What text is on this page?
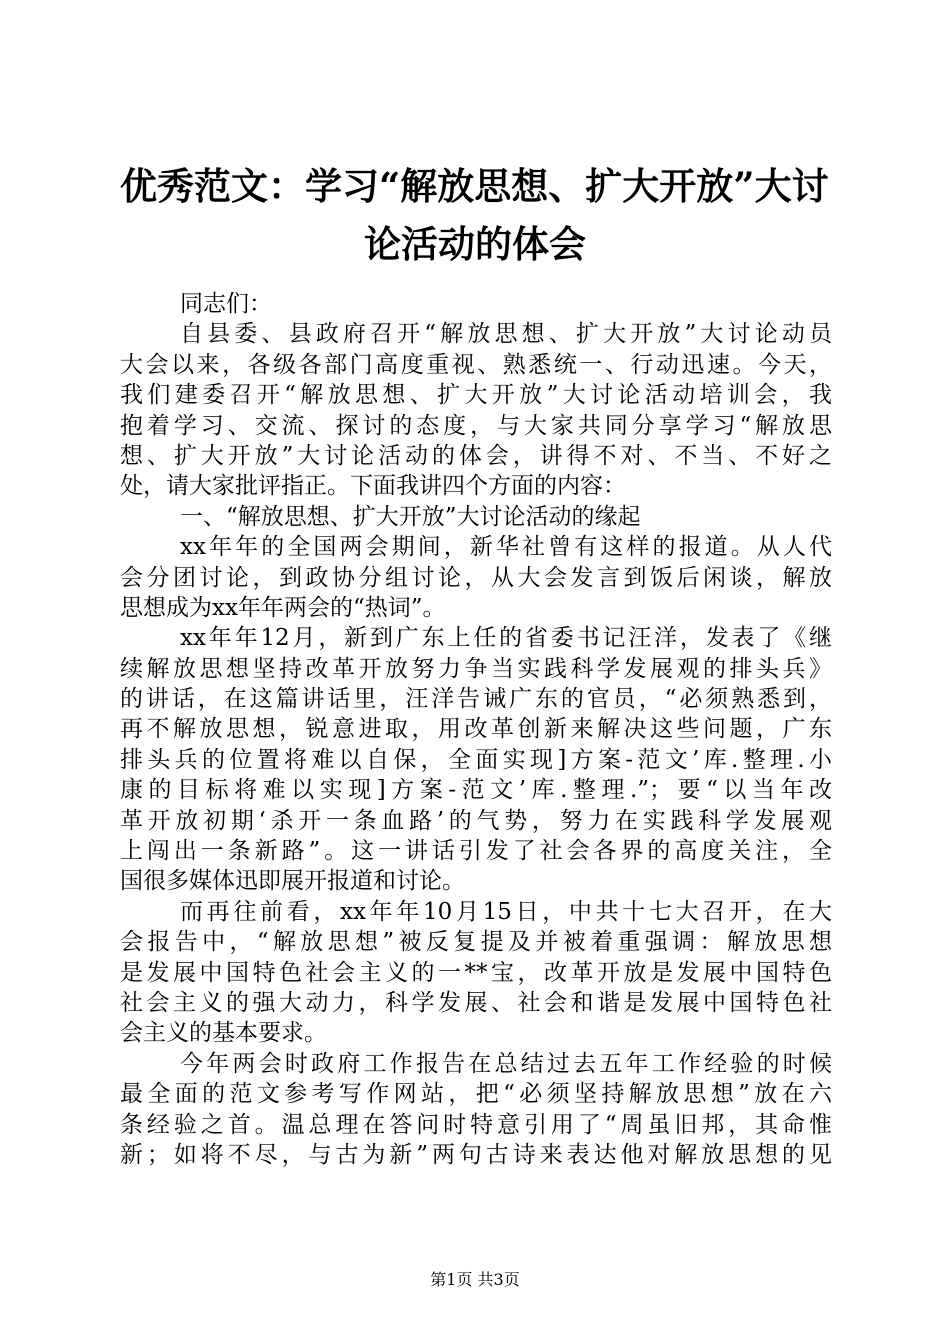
优秀范文：学习“解放思想、扩大开放”大讨
论活动的体会
同志们：
自县委、县政府召开“解放思想、扩大开放”大讨论动员
大会以来，各级各部门高度重视、熟悉统一、行动迅速。今天，
我们建委召开“解放思想、扩大开放”大讨论活动培训会，我
抱着学习、交流、探讨的态度，与大家共同分享学习“解放思
想、扩大开放”大讨论活动的体会，讲得不对、不当、不好之
处，请大家批评指正。下面我讲四个方面的内容：
一、“解放思想、扩大开放”大讨论活动的缘起
xx年年的全国两会期间，新华社曾有这样的报道。从人代
会分团讨论，到政协分组讨论，从大会发言到饭后闲谈，解放
思想成为xx年年两会的“热词”。
xx年年12月，新到广东上任的省委书记汪洋，发表了《继
续解放思想坚持改革开放努力争当实践科学发展观的排头兵》
的讲话，在这篇讲话里，汪洋告诫广东的官员，“必须熟悉到，
再不解放思想，锐意进取，用改革创新来解决这些问题，广东
排头兵的位置将难以自保，全面实现]方案-范文’库.整理.小
康的目标将难以实现]方案-范文’库.整理.”；要“以当年改
革开放初期‘杀开一条血路’的气势，努力在实践科学发展观
上闯出一条新路”。这一讲话引发了社会各界的高度关注，全
国很多媒体迅即展开报道和讨论。
而再往前看，xx年年10月15日，中共十七大召开，在大
会报告中，“解放思想”被反复提及并被着重强调：解放思想
是发展中国特色社会主义的一**宝，改革开放是发展中国特色
社会主义的强大动力，科学发展、社会和谐是发展中国特色社
会主义的基本要求。
今年两会时政府工作报告在总结过去五年工作经验的时候
最全面的范文参考写作网站，把“必须坚持解放思想”放在六
条经验之首。温总理在答问时特意引用了“周虽旧邦，其命惟
新；如将不尽，与古为新”两句古诗来表达他对解放思想的见
第1页 共3页
